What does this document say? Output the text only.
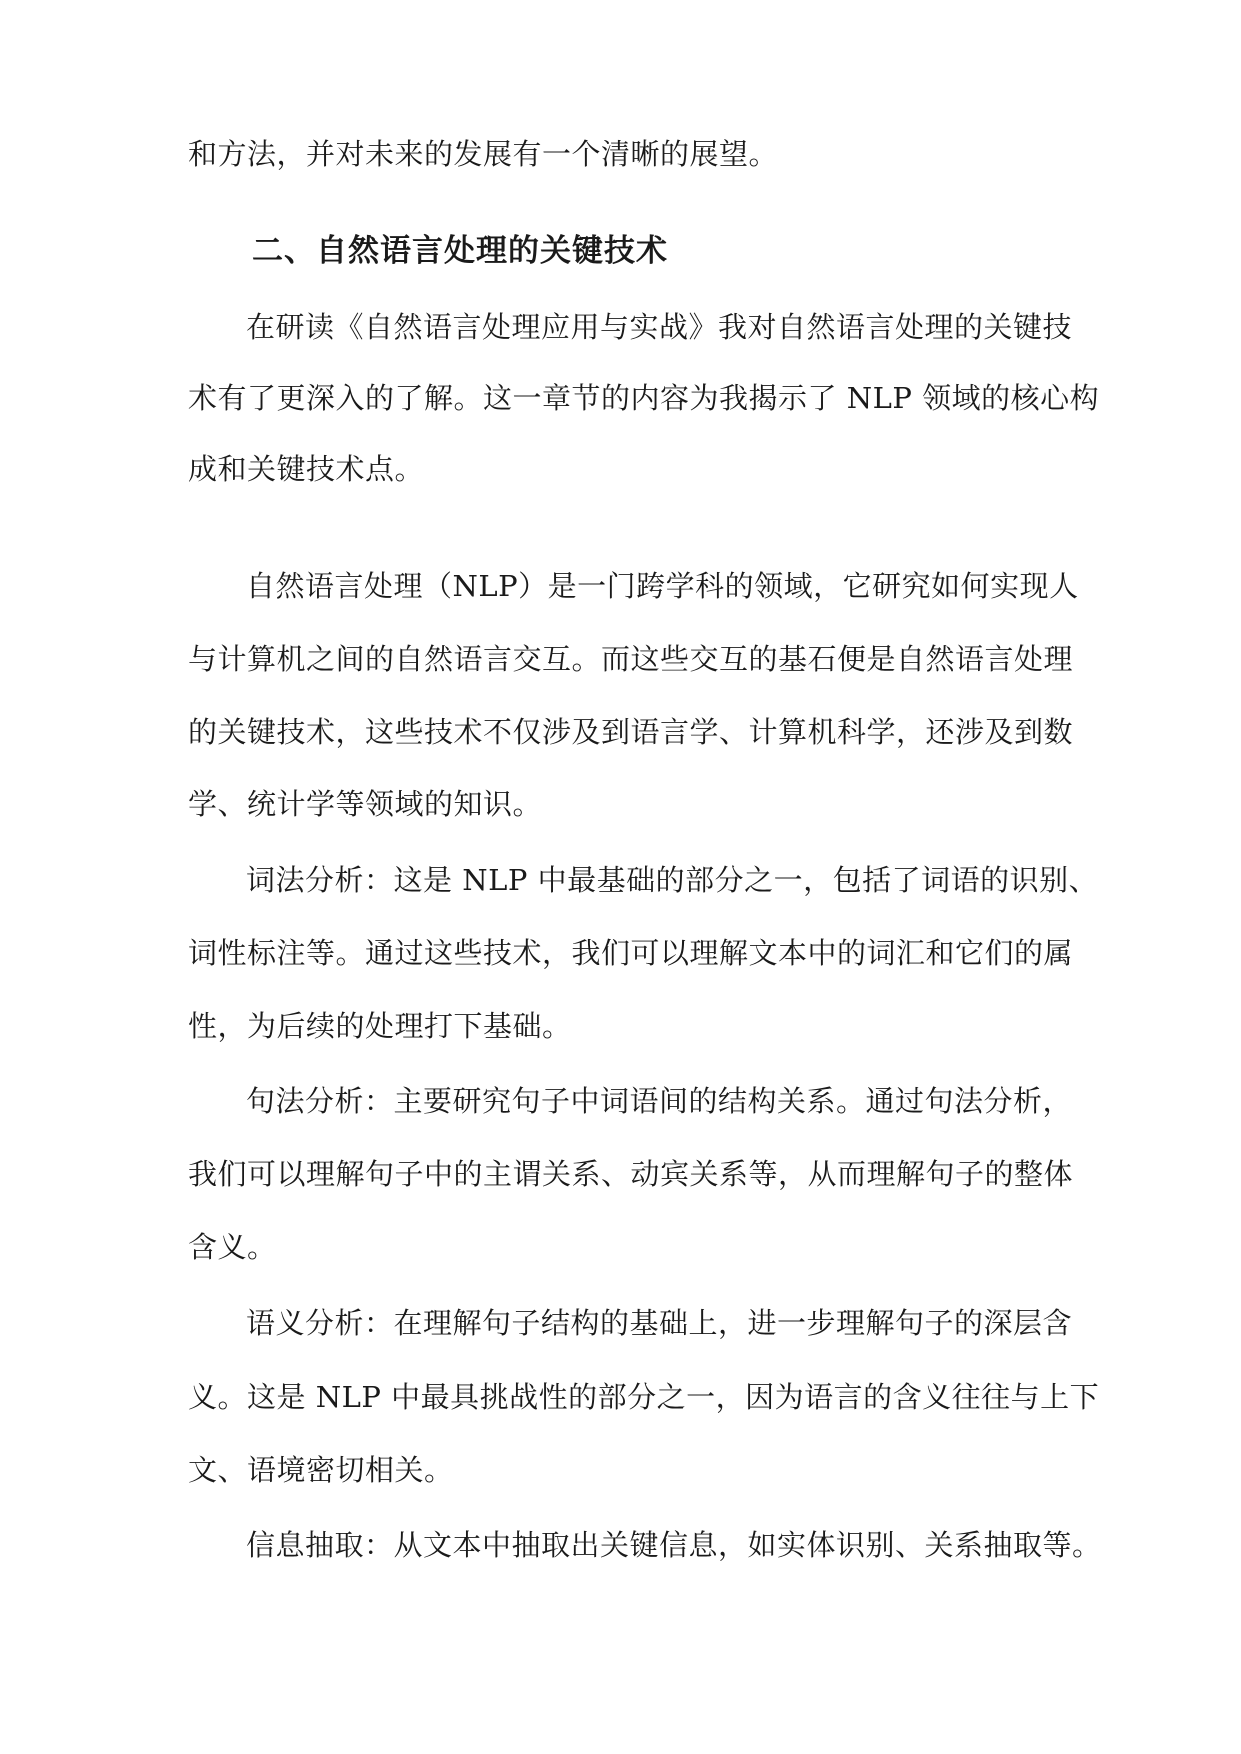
和方法，并对未来的发展有一个清晰的展望。
二、自然语言处理的关键技术
在研读《自然语言处理应用与实战》我对自然语言处理的关键技
术有了更深入的了解。这一章节的内容为我揭示了 NLP 领域的核心构
成和关键技术点。
自然语言处理（NLP）是一门跨学科的领域，它研究如何实现人
与计算机之间的自然语言交互。而这些交互的基石便是自然语言处理
的关键技术，这些技术不仅涉及到语言学、计算机科学，还涉及到数
学、统计学等领域的知识。
词法分析：这是 NLP 中最基础的部分之一，包括了词语的识别、
词性标注等。通过这些技术，我们可以理解文本中的词汇和它们的属
性，为后续的处理打下基础。
句法分析：主要研究句子中词语间的结构关系。通过句法分析，
我们可以理解句子中的主谓关系、动宾关系等，从而理解句子的整体
含义。
语义分析：在理解句子结构的基础上，进一步理解句子的深层含
义。这是 NLP 中最具挑战性的部分之一，因为语言的含义往往与上下
文、语境密切相关。
信息抽取：从文本中抽取出关键信息，如实体识别、关系抽取等。
